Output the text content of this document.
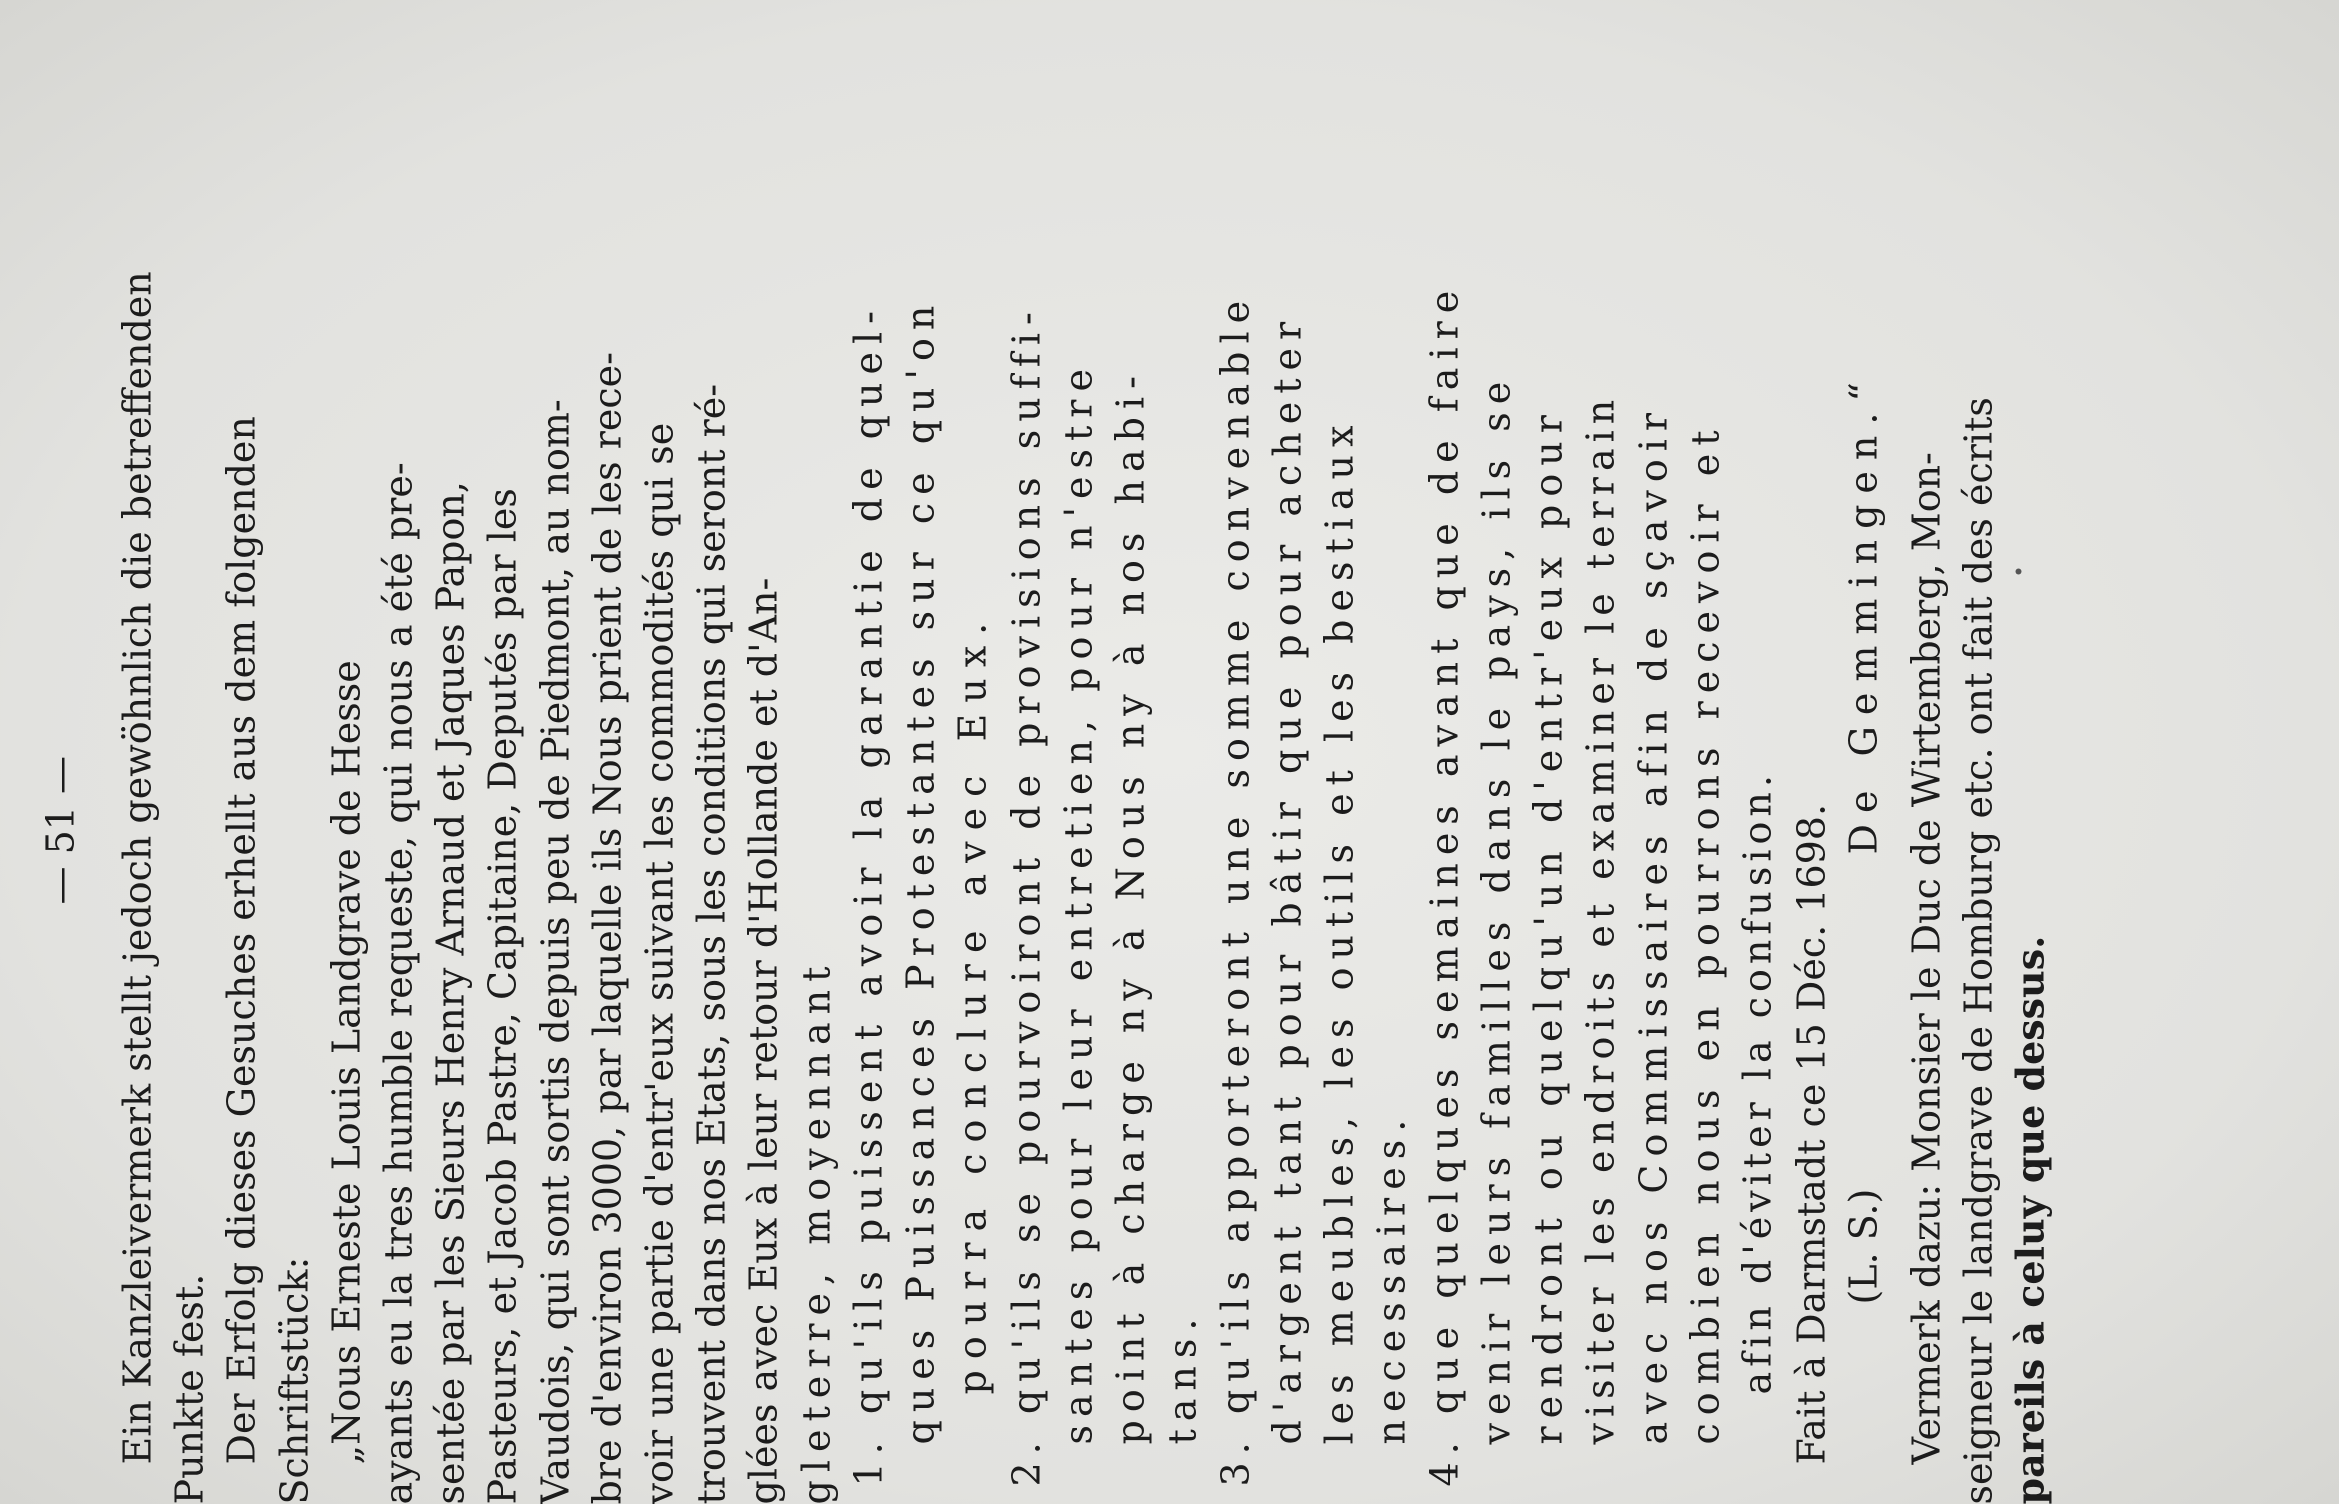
— 51 — Ein Kanzleivermerk stellt jedoch gewöhnlich die betreffenden Punkte fest. Der Erfolg dieses Gesuches erhellt aus dem folgenden Schriftstück: „Nous Erneste Louis Landgrave de Hesse ayants eu la tres humble requeste, qui nous a été pre- sentée par les Sieurs Henry Arnaud et Jaques Papon, Pasteurs, et Jacob Pastre, Capitaine, Deputés par les Vaudois, qui sont sortis depuis peu de Piedmont, au nom- bre d'environ 3000, par laquelle ils Nous prient de les rece- voir une partie d'entr'eux suivant les commodités qui se trouvent dans nos Etats, sous les conditions qui seront ré- glées avec Eux à leur retour d'Hollande et d'An- gleterre, moyennant 1. qu'ils puissent avoir la garantie de quel- ques Puissances Protestantes sur ce qu'on pourra conclure avec Eux. 2. qu'ils se pourvoiront de provisions suffi- santes pour leur entretien, pour n'estre point à charge ny à Nous ny à nos habi- tans. 3. qu'ils apporteront une somme convenable d'argent tant pour bâtir que pour acheter les meubles, les outils et les bestiaux necessaires. 4. que quelques semaines avant que de faire venir leurs familles dans le pays, ils se rendront ou quelqu'un d'entr'eux pour visiter les endroits et examiner le terrain avec nos Commissaires afin de sçavoir combien nous en pourrons recevoir et afin d'éviter la confusion. Fait à Darmstadt ce 15 Déc. 1698. (L. S.)
De Gemmingen.“ Vermerk dazu: Monsier le Duc de Wirtemberg, Mon- seigneur le landgrave de Homburg etc. ont fait des écrits pareils à celuy que dessus.
